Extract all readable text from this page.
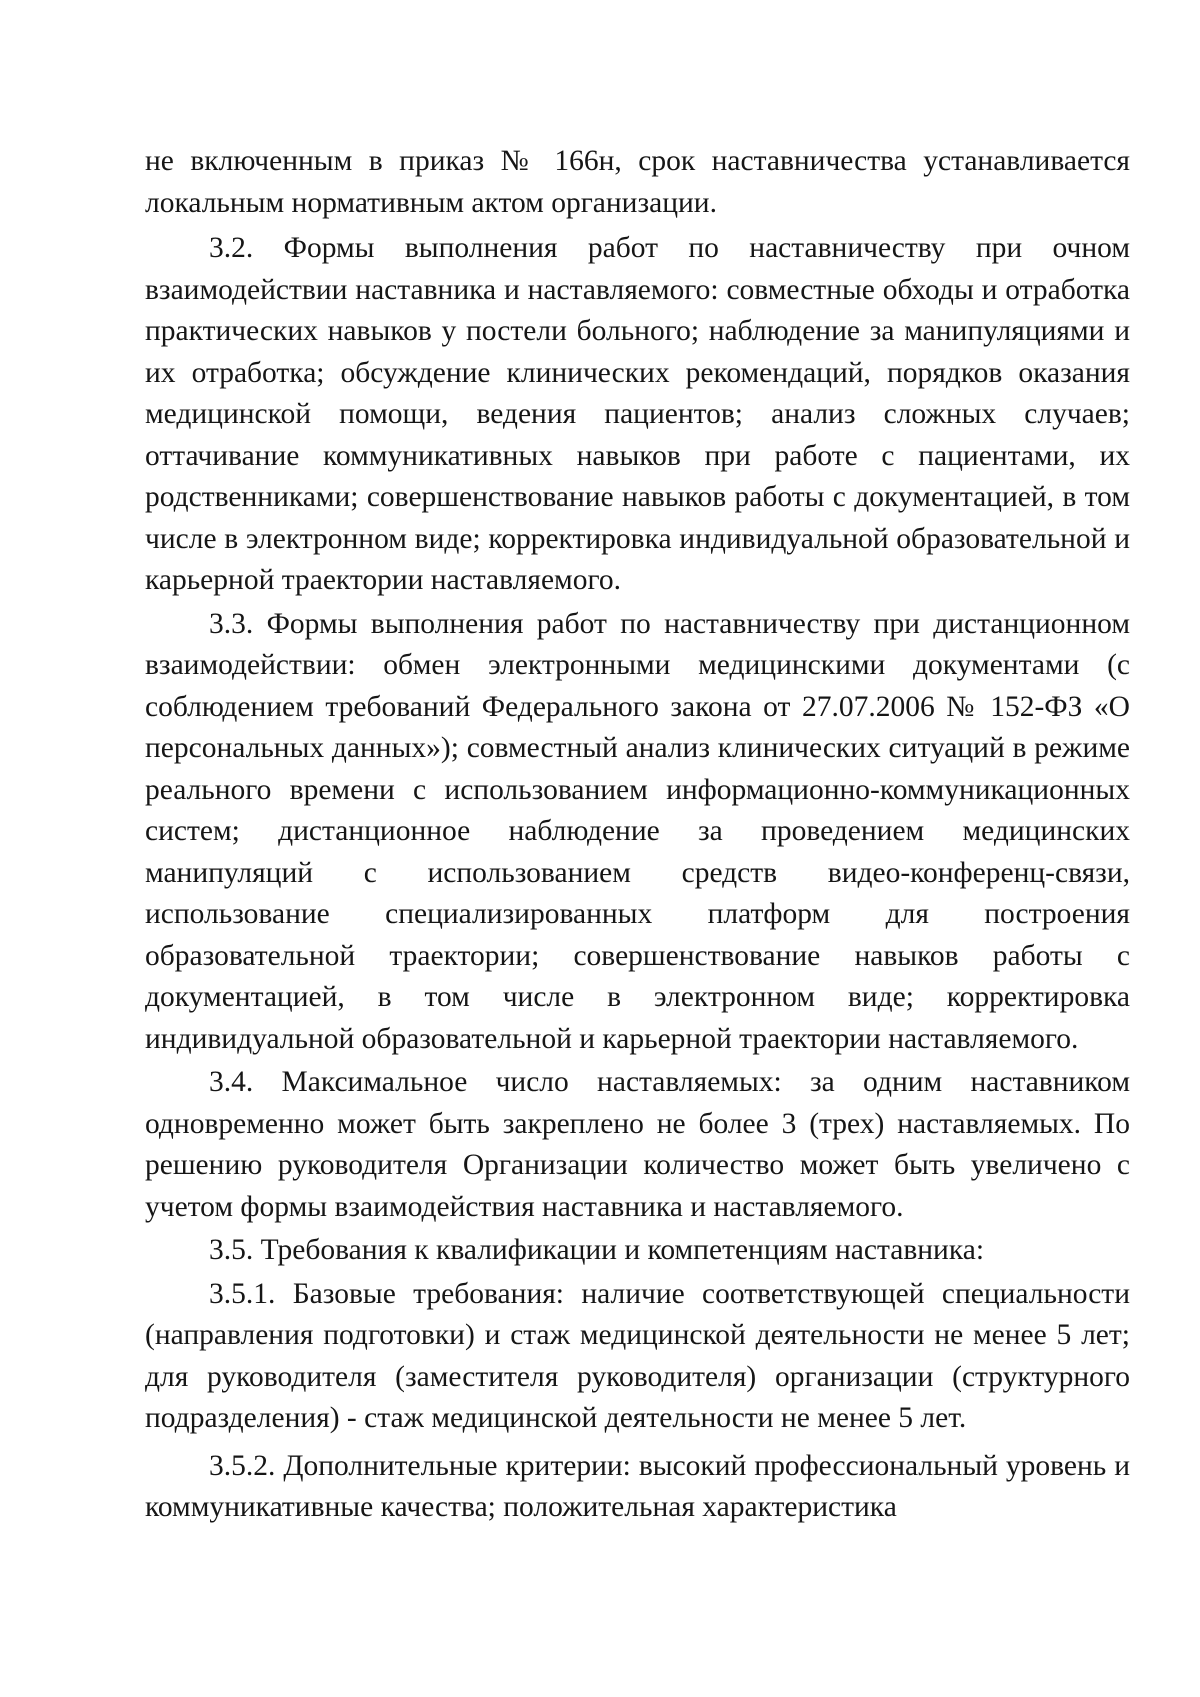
не включенным в приказ № 166н, срок наставничества устанавливается локальным нормативным актом организации.

3.2. Формы выполнения работ по наставничеству при очном взаимодействии наставника и наставляемого: совместные обходы и отработка практических навыков у постели больного; наблюдение за манипуляциями и их отработка; обсуждение клинических рекомендаций, порядков оказания медицинской помощи, ведения пациентов; анализ сложных случаев; оттачивание коммуникативных навыков при работе с пациентами, их родственниками; совершенствование навыков работы с документацией, в том числе в электронном виде; корректировка индивидуальной образовательной и карьерной траектории наставляемого.

3.3. Формы выполнения работ по наставничеству при дистанционном взаимодействии: обмен электронными медицинскими документами (с соблюдением требований Федерального закона от 27.07.2006 № 152-ФЗ «О персональных данных»); совместный анализ клинических ситуаций в режиме реального времени с использованием информационно-коммуникационных систем; дистанционное наблюдение за проведением медицинских манипуляций с использованием средств видео-конференц-связи, использование специализированных платформ для построения образовательной траектории; совершенствование навыков работы с документацией, в том числе в электронном виде; корректировка индивидуальной образовательной и карьерной траектории наставляемого.

3.4. Максимальное число наставляемых: за одним наставником одновременно может быть закреплено не более 3 (трех) наставляемых. По решению руководителя Организации количество может быть увеличено с учетом формы взаимодействия наставника и наставляемого.

3.5. Требования к квалификации и компетенциям наставника:

3.5.1. Базовые требования: наличие соответствующей специальности (направления подготовки) и стаж медицинской деятельности не менее 5 лет; для руководителя (заместителя руководителя) организации (структурного подразделения) - стаж медицинской деятельности не менее 5 лет.

3.5.2. Дополнительные критерии: высокий профессиональный уровень и коммуникативные качества; положительная характеристика
